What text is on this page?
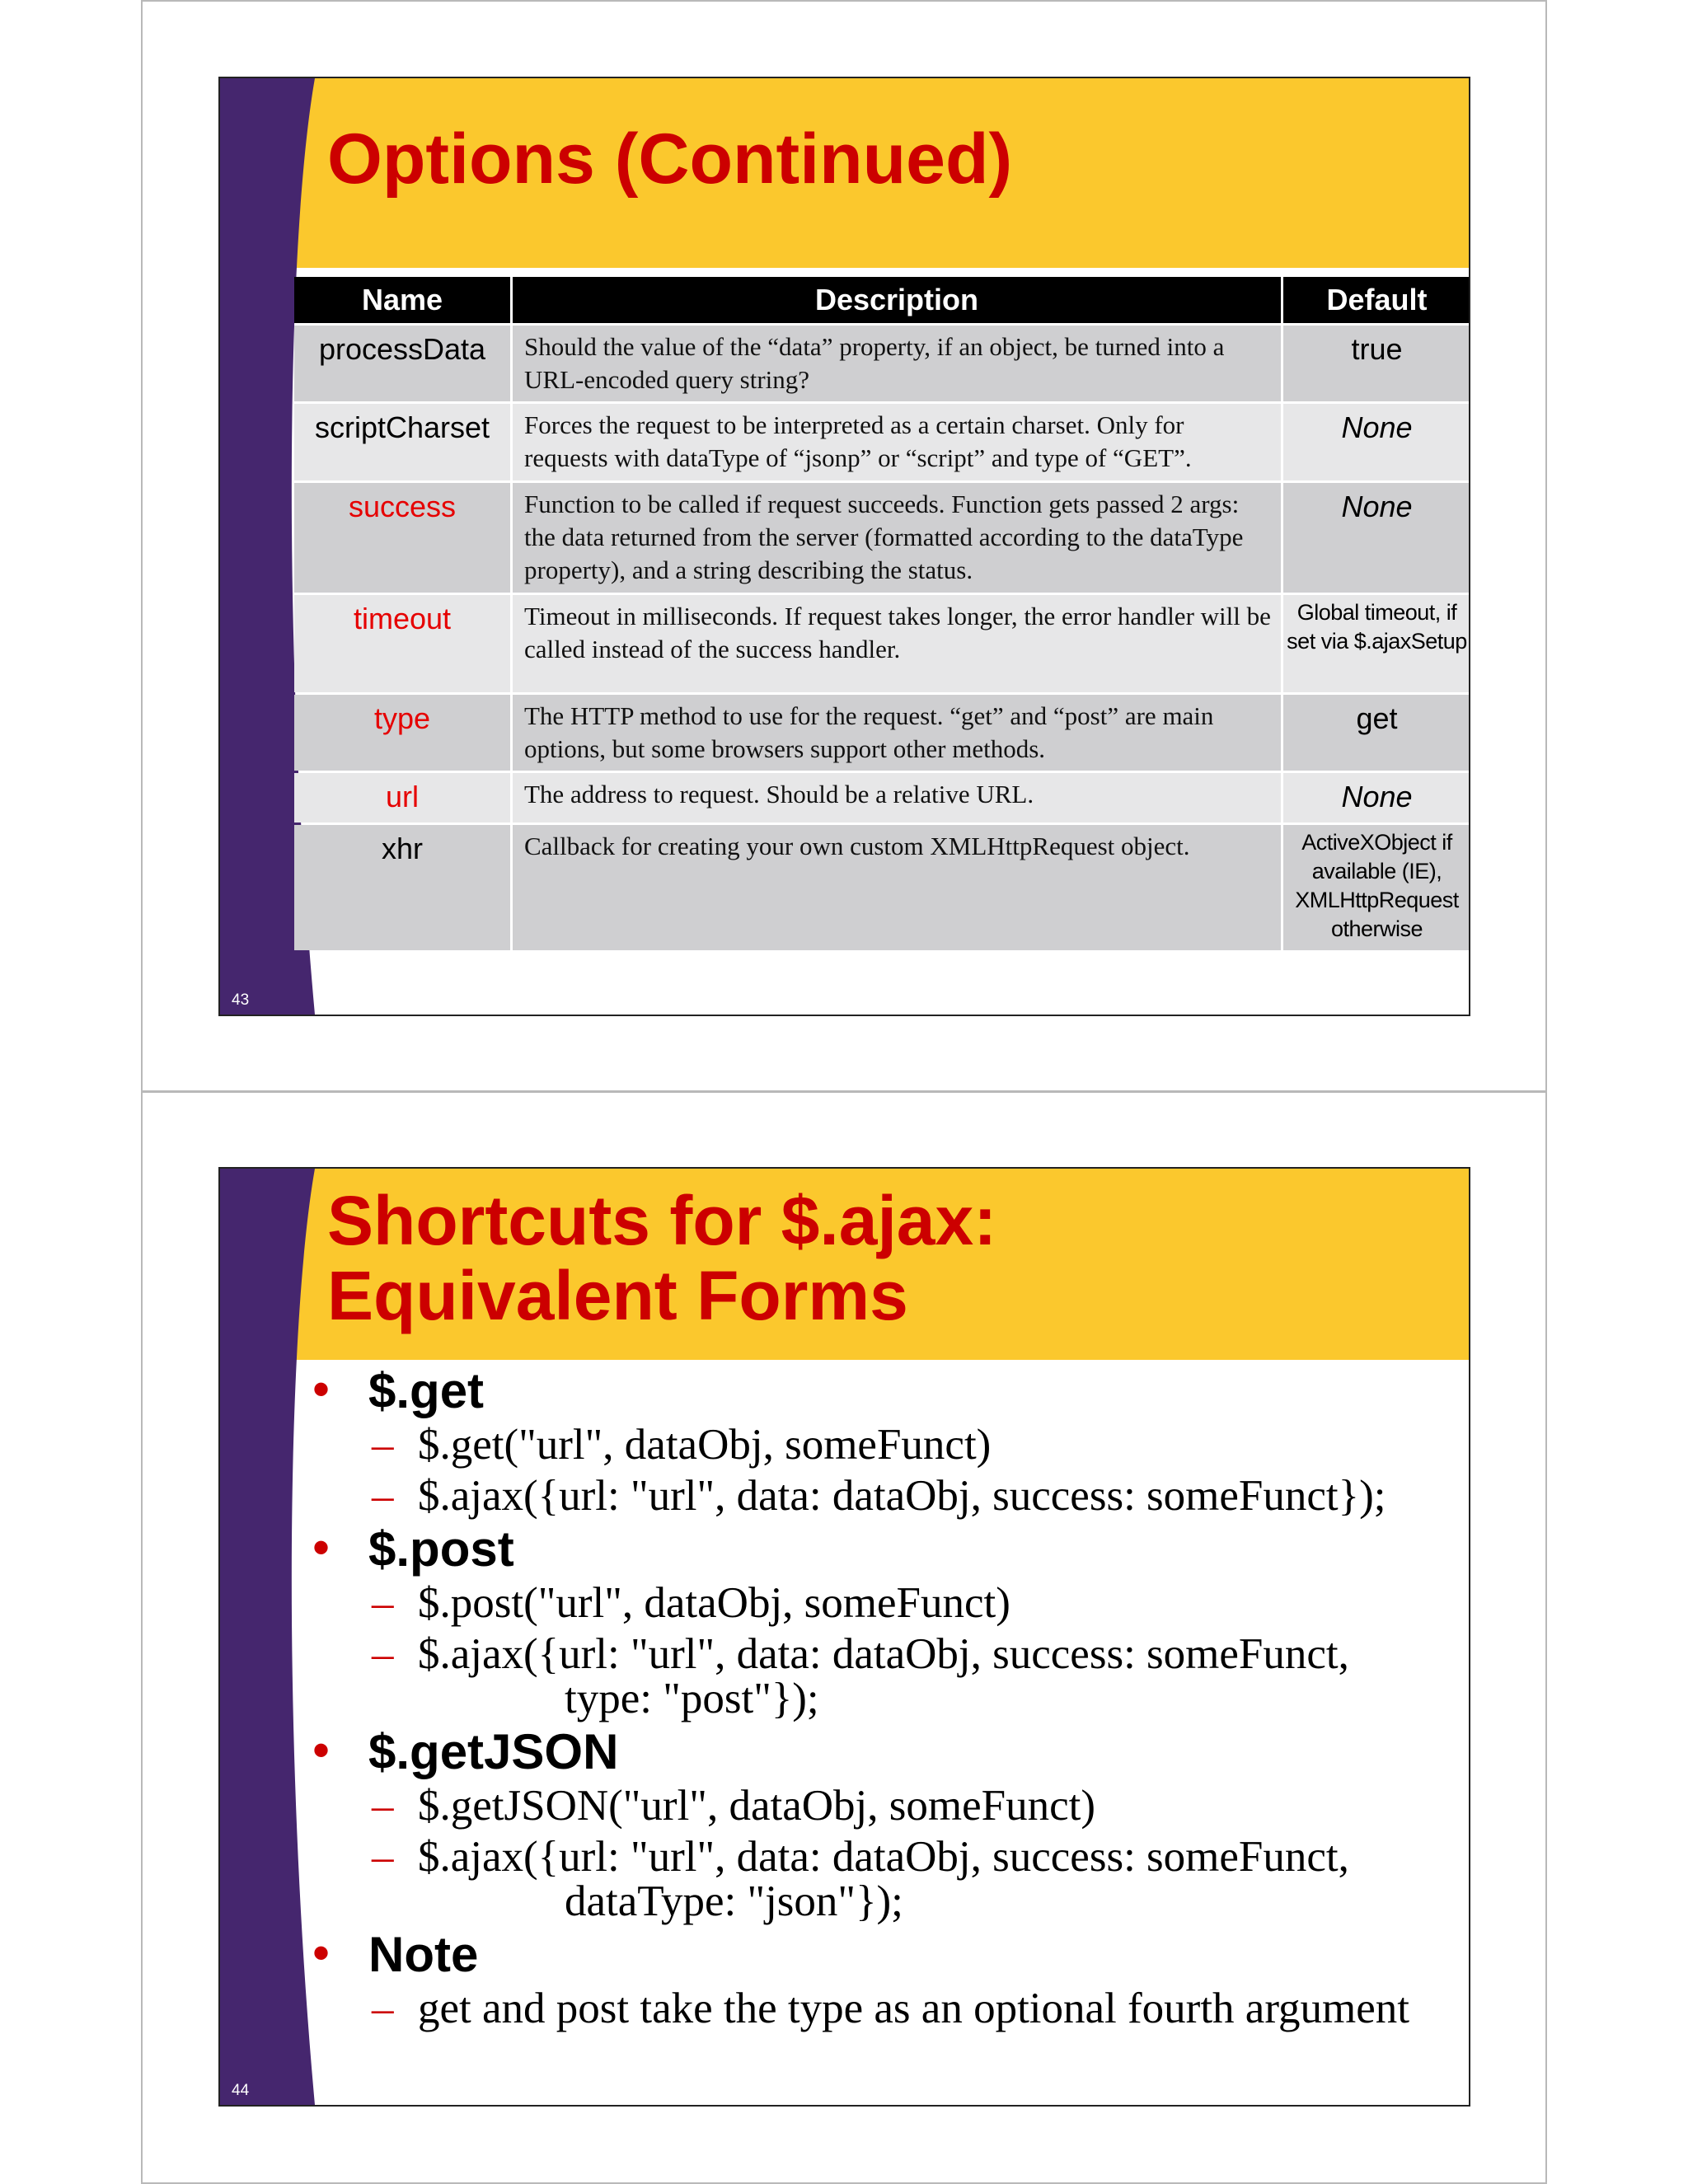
Options (Continued)
Name	Description	Default
processData	Should the value of the “data” property, if an object, be turned into a URL-encoded query string?	true
scriptCharset	Forces the request to be interpreted as a certain charset. Only for requests with dataType of “jsonp” or “script” and type of “GET”.	None
success	Function to be called if request succeeds. Function gets passed 2 args: the data returned from the server (formatted according to the dataType property), and a string describing the status.	None
timeout	Timeout in milliseconds. If request takes longer, the error handler will be called instead of the success handler.	Global timeout, if set via $.ajaxSetup
type	The HTTP method to use for the request. “get” and “post” are main options, but some browsers support other methods.	get
url	The address to request. Should be a relative URL.	None
xhr	Callback for creating your own custom XMLHttpRequest object.	ActiveXObject if available (IE), XMLHttpRequest otherwise
43
Shortcuts for $.ajax:
Equivalent Forms
• $.get
– $.get("url", dataObj, someFunct)
– $.ajax({url: "url", data: dataObj, success: someFunct});
• $.post
– $.post("url", dataObj, someFunct)
– $.ajax({url: "url", data: dataObj, success: someFunct,
type: "post"});
• $.getJSON
– $.getJSON("url", dataObj, someFunct)
– $.ajax({url: "url", data: dataObj, success: someFunct,
dataType: "json"});
• Note
– get and post take the type as an optional fourth argument
44
